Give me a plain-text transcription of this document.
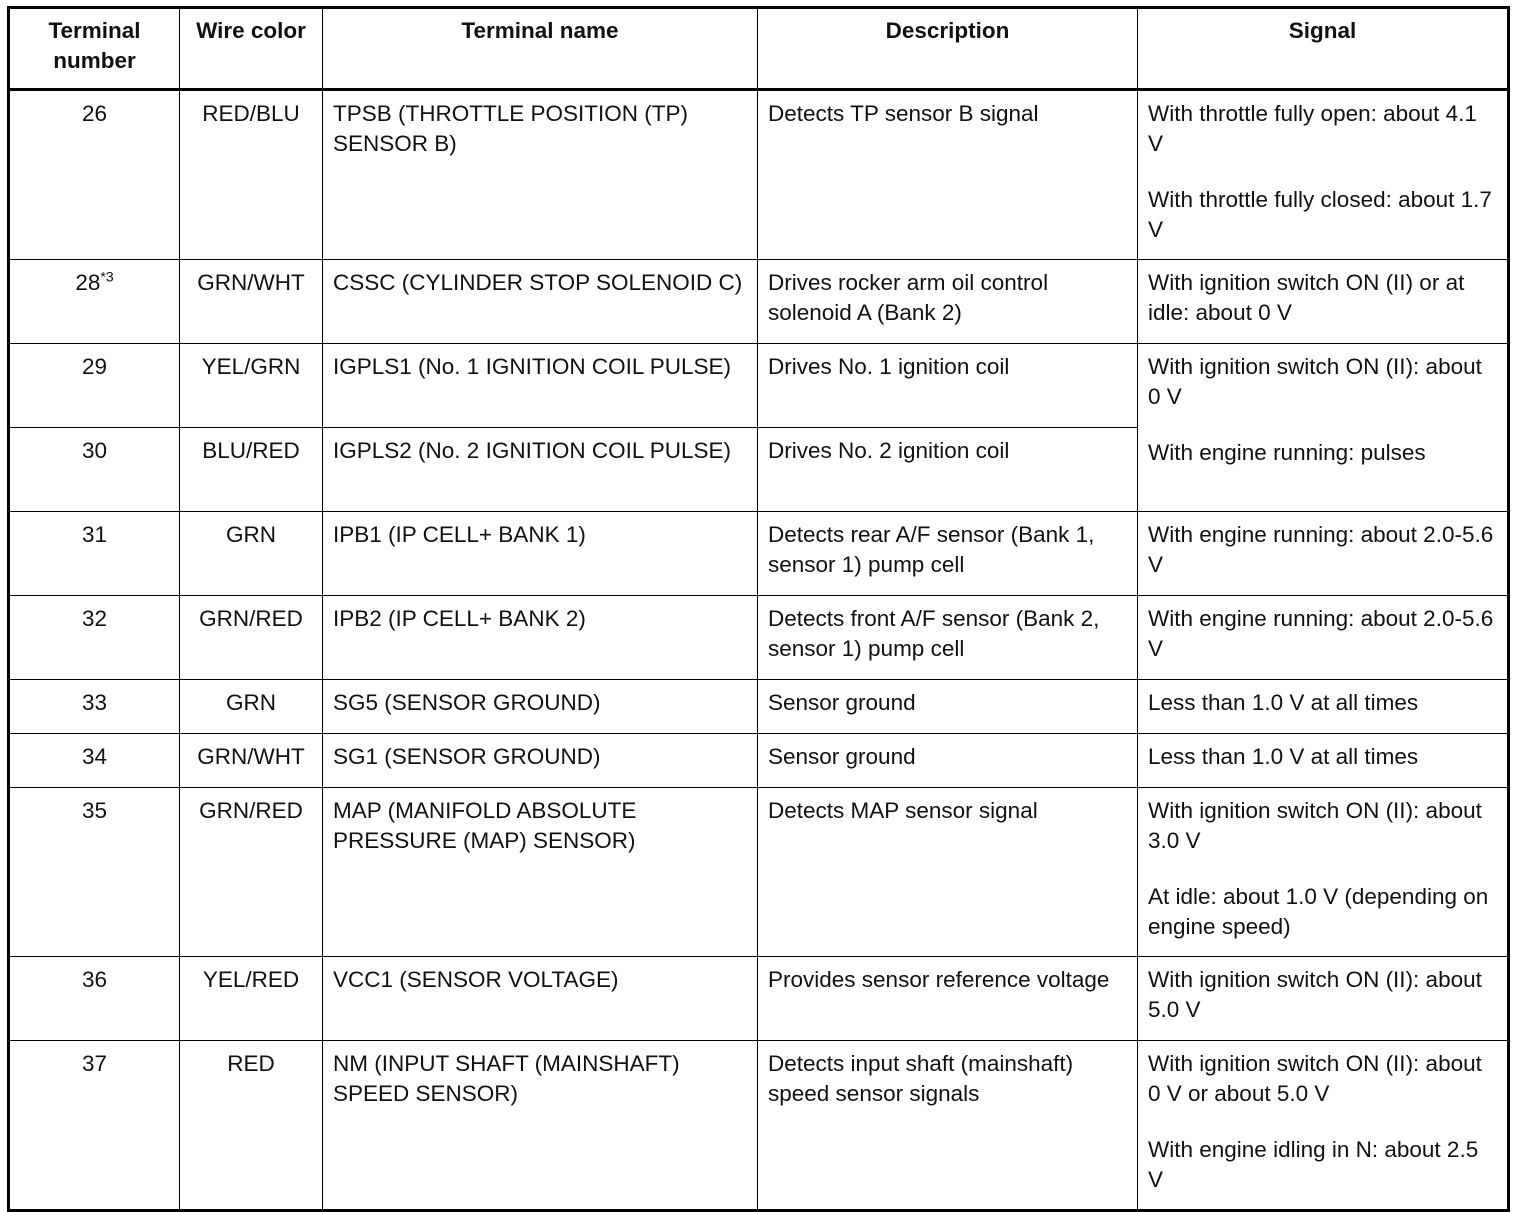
Terminal number	Wire color	Terminal name	Description	Signal
26	RED/BLU	TPSB (THROTTLE POSITION (TP) SENSOR B)	Detects TP sensor B signal	With throttle fully open: about 4.1 V
With throttle fully closed: about 1.7 V

28$^{*3}$	GRN/WHT	CSSC (CYLINDER STOP SOLENOID C)	Drives rocker arm oil control solenoid A (Bank 2)	With ignition switch ON (II) or at idle: about 0 V

29	YEL/GRN	IGPLS1 (No. 1 IGNITION COIL PULSE)	Drives No. 1 ignition coil	With ignition switch ON (II): about 0 V
With engine running: pulses

30	BLU/RED	IGPLS2 (No. 2 IGNITION COIL PULSE)	Drives No. 2 ignition coil	
31	GRN	IPB1 (IP CELL+ BANK 1)	Detects rear A/F sensor (Bank 1, sensor 1) pump cell	With engine running: about 2.0-5.6 V

32	GRN/RED	IPB2 (IP CELL+ BANK 2)	Detects front A/F sensor (Bank 2, sensor 1) pump cell	With engine running: about 2.0-5.6 V

33	GRN	SG5 (SENSOR GROUND)	Sensor ground	Less than 1.0 V at all times

34	GRN/WHT	SG1 (SENSOR GROUND)	Sensor ground	Less than 1.0 V at all times

35	GRN/RED	MAP (MANIFOLD ABSOLUTE PRESSURE (MAP) SENSOR)	Detects MAP sensor signal	With ignition switch ON (II): about 3.0 V
At idle: about 1.0 V (depending on engine speed)

36	YEL/RED	VCC1 (SENSOR VOLTAGE)	Provides sensor reference voltage	With ignition switch ON (II): about 5.0 V

37	RED	NM (INPUT SHAFT (MAINSHAFT) SPEED SENSOR)	Detects input shaft (mainshaft) speed sensor signals	With ignition switch ON (II): about 0 V or about 5.0 V
With engine idling in N: about 2.5 V
